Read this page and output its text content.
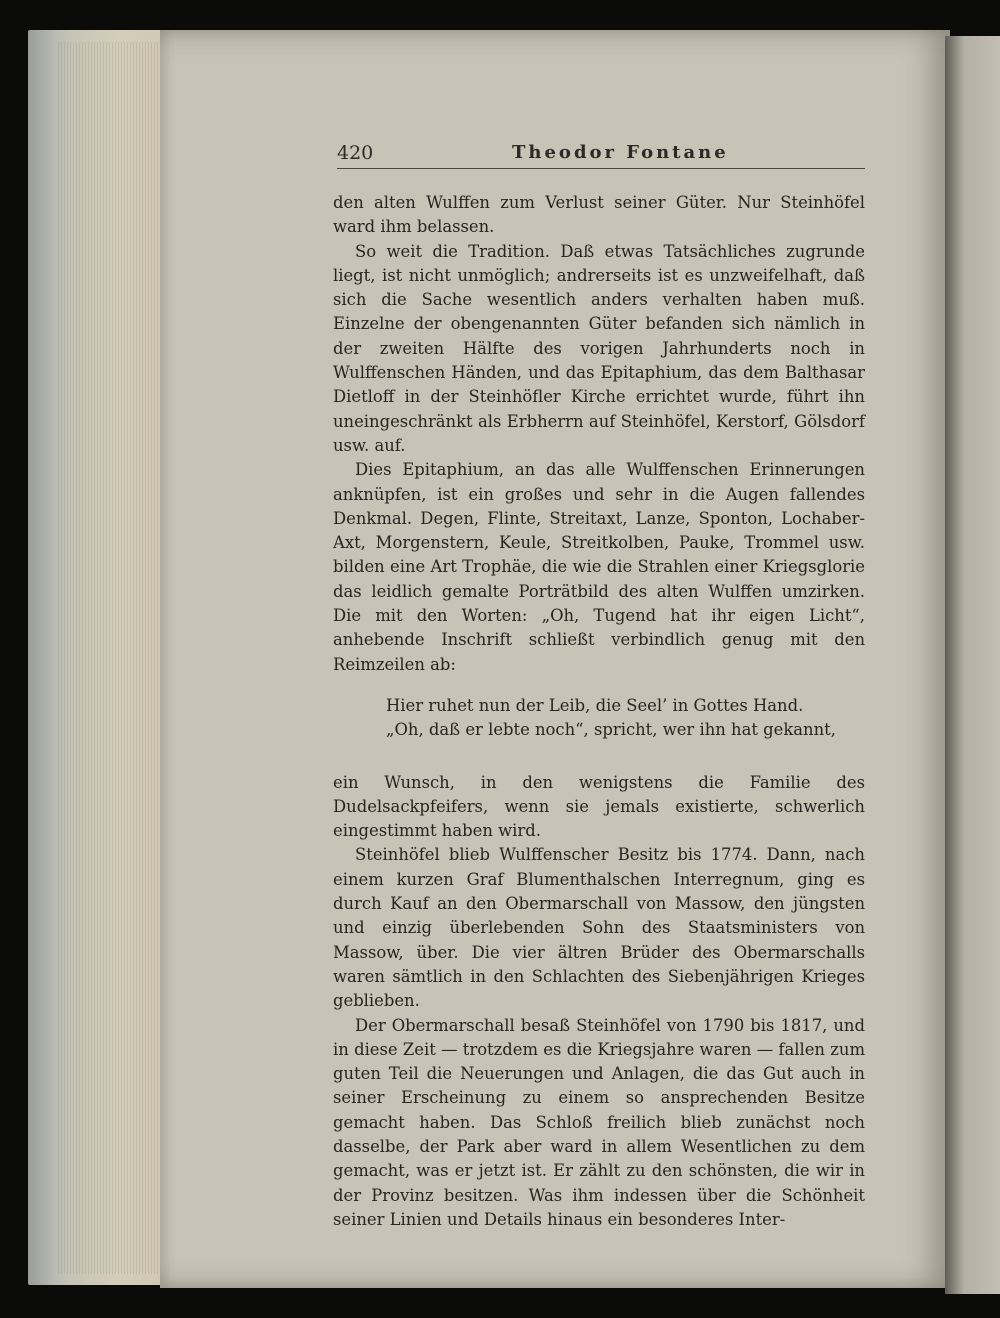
420	Theodor Fontane

den alten Wulffen zum Verlust seiner Güter. Nur Steinhöfel ward ihm belassen.

So weit die Tradition. Daß etwas Tatsächliches zugrunde liegt, ist nicht unmöglich; andrerseits ist es unzweifelhaft, daß sich die Sache wesentlich anders verhalten haben muß. Einzelne der obengenannten Güter befanden sich nämlich in der zweiten Hälfte des vorigen Jahrhunderts noch in Wulffenschen Händen, und das Epitaphium, das dem Balthasar Dietloff in der Steinhöfler Kirche errichtet wurde, führt ihn uneingeschränkt als Erbherrn auf Steinhöfel, Kerstorf, Gölsdorf usw. auf.

Dies Epitaphium, an das alle Wulffenschen Erinnerungen anknüpfen, ist ein großes und sehr in die Augen fallendes Denkmal. Degen, Flinte, Streitaxt, Lanze, Sponton, Lochaber-Axt, Morgenstern, Keule, Streitkolben, Pauke, Trommel usw. bilden eine Art Trophäe, die wie die Strahlen einer Kriegsglorie das leidlich gemalte Porträtbild des alten Wulffen umzirken. Die mit den Worten: „Oh, Tugend hat ihr eigen Licht“, anhebende Inschrift schließt verbindlich genug mit den Reimzeilen ab:

Hier ruhet nun der Leib, die Seel’ in Gottes Hand.
„Oh, daß er lebte noch“, spricht, wer ihn hat gekannt,

ein Wunsch, in den wenigstens die Familie des Dudelsackpfeifers, wenn sie jemals existierte, schwerlich eingestimmt haben wird.

Steinhöfel blieb Wulffenscher Besitz bis 1774. Dann, nach einem kurzen Graf Blumenthalschen Interregnum, ging es durch Kauf an den Obermarschall von Massow, den jüngsten und einzig überlebenden Sohn des Staatsministers von Massow, über. Die vier ältren Brüder des Obermarschalls waren sämtlich in den Schlachten des Siebenjährigen Krieges geblieben.

Der Obermarschall besaß Steinhöfel von 1790 bis 1817, und in diese Zeit — trotzdem es die Kriegsjahre waren — fallen zum guten Teil die Neuerungen und Anlagen, die das Gut auch in seiner Erscheinung zu einem so ansprechenden Besitze gemacht haben. Das Schloß freilich blieb zunächst noch dasselbe, der Park aber ward in allem Wesentlichen zu dem gemacht, was er jetzt ist. Er zählt zu den schönsten, die wir in der Provinz besitzen. Was ihm indessen über die Schönheit seiner Linien und Details hinaus ein besonderes Inter-
